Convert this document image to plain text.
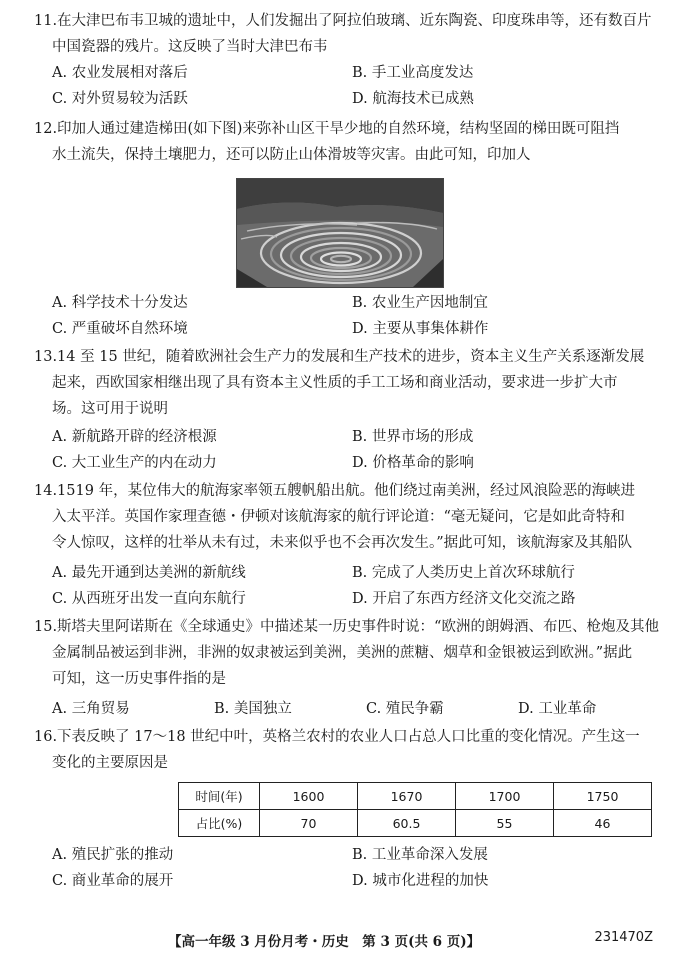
11.在大津巴布韦卫城的遗址中，人们发掘出了阿拉伯玻璃、近东陶瓷、印度珠串等，还有数百片
中国瓷器的残片。这反映了当时大津巴布韦
A. 农业发展相对落后	B. 手工业高度发达
C. 对外贸易较为活跃	D. 航海技术已成熟
12.印加人通过建造梯田(如下图)来弥补山区干旱少地的自然环境，结构坚固的梯田既可阻挡
水土流失，保持土壤肥力，还可以防止山体滑坡等灾害。由此可知，印加人
A. 科学技术十分发达	B. 农业生产因地制宜
C. 严重破坏自然环境	D. 主要从事集体耕作
13.14 至 15 世纪，随着欧洲社会生产力的发展和生产技术的进步，资本主义生产关系逐渐发展
起来，西欧国家相继出现了具有资本主义性质的手工工场和商业活动，要求进一步扩大市
场。这可用于说明
A. 新航路开辟的经济根源	B. 世界市场的形成
C. 大工业生产的内在动力	D. 价格革命的影响
14.1519 年，某位伟大的航海家率领五艘帆船出航。他们绕过南美洲，经过风浪险恶的海峡进
入太平洋。英国作家理查德・伊顿对该航海家的航行评论道：“毫无疑问，它是如此奇特和
令人惊叹，这样的壮举从未有过，未来似乎也不会再次发生。”据此可知，该航海家及其船队
A. 最先开通到达美洲的新航线	B. 完成了人类历史上首次环球航行
C. 从西班牙出发一直向东航行	D. 开启了东西方经济文化交流之路
15.斯塔夫里阿诺斯在《全球通史》中描述某一历史事件时说：“欧洲的朗姆酒、布匹、枪炮及其他
金属制品被运到非洲，非洲的奴隶被运到美洲，美洲的蔗糖、烟草和金银被运到欧洲。”据此
可知，这一历史事件指的是
A. 三角贸易	B. 美国独立	C. 殖民争霸	D. 工业革命
16.下表反映了 17～18 世纪中叶，英格兰农村的农业人口占总人口比重的变化情况。产生这一
变化的主要原因是
时间(年)	1600	1670	1700	1750
占比(%)	70	60.5	55	46
A. 殖民扩张的推动	B. 工业革命深入发展
C. 商业革命的展开	D. 城市化进程的加快
【高一年级 3 月份月考・历史　第 3 页(共 6 页)】	231470Z
